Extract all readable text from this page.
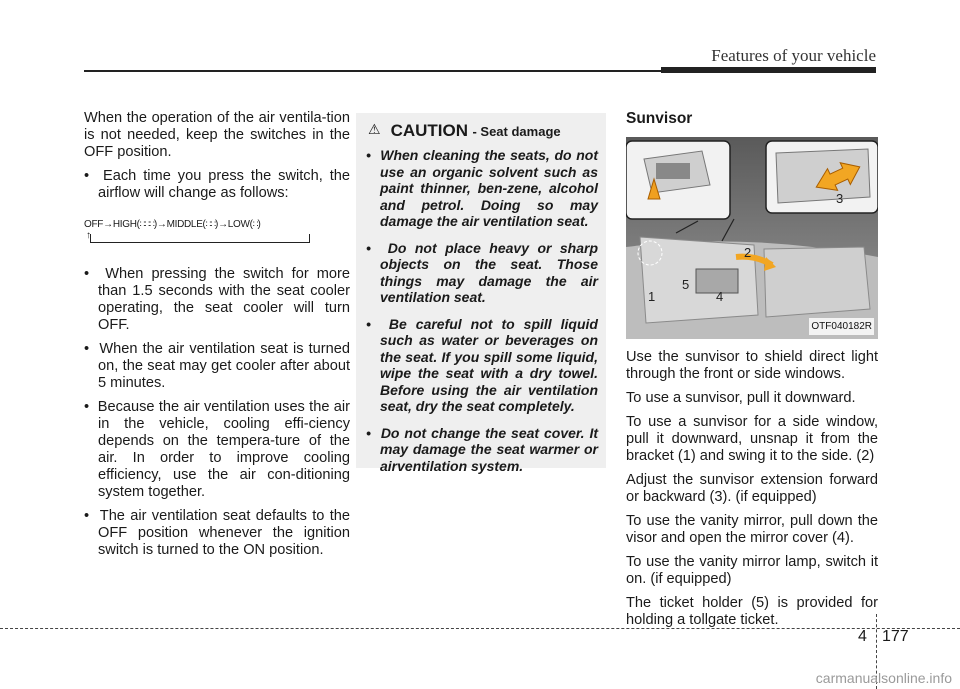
Features of your vehicle

When the operation of the air ventila-tion is not needed, keep the switches in the OFF position.

•  Each time you press the switch, the airflow will change as follows:

OFF→HIGH(∷∷∷)→MIDDLE(∷∷)→LOW(∷)
↑

•  When pressing the switch for more than 1.5 seconds with the seat cooler operating, the seat cooler will turn OFF.

•  When the air ventilation seat is turned on, the seat may get cooler after about 5 minutes.

•  Because the air ventilation uses the air in the vehicle, cooling effi-ciency depends on the tempera-ture of the air. In order to improve cooling efficiency, use the air con-ditioning system together.

•  The air ventilation seat defaults to the OFF position whenever the ignition switch is turned to the ON position.

⚠ CAUTION - Seat damage

•  When cleaning the seats, do not use an organic solvent such as paint thinner, ben-zene, alcohol and petrol. Doing so may damage the air ventilation seat.

•  Do not place heavy or sharp objects on the seat. Those things may damage the air ventilation seat.

•  Be careful not to spill liquid such as water or beverages on the seat. If you spill some liquid, wipe the seat with a dry towel. Before using the air ventilation seat, dry the seat completely.

•  Do not change the seat cover. It may damage the seat warmer or airventilation system.

Sunvisor
1
2
3
4
5
OTF040182R

Use the sunvisor to shield direct light through the front or side windows.

To use a sunvisor, pull it downward.

To use a sunvisor for a side window, pull it downward, unsnap it from the bracket (1) and swing it to the side. (2)

Adjust the sunvisor extension forward or backward (3). (if equipped)

To use the vanity mirror, pull down the visor and open the mirror cover (4).

To use the vanity mirror lamp, switch it on. (if equipped)

The ticket holder (5) is provided for holding a tollgate ticket.

4 177
carmanualsonline.info
